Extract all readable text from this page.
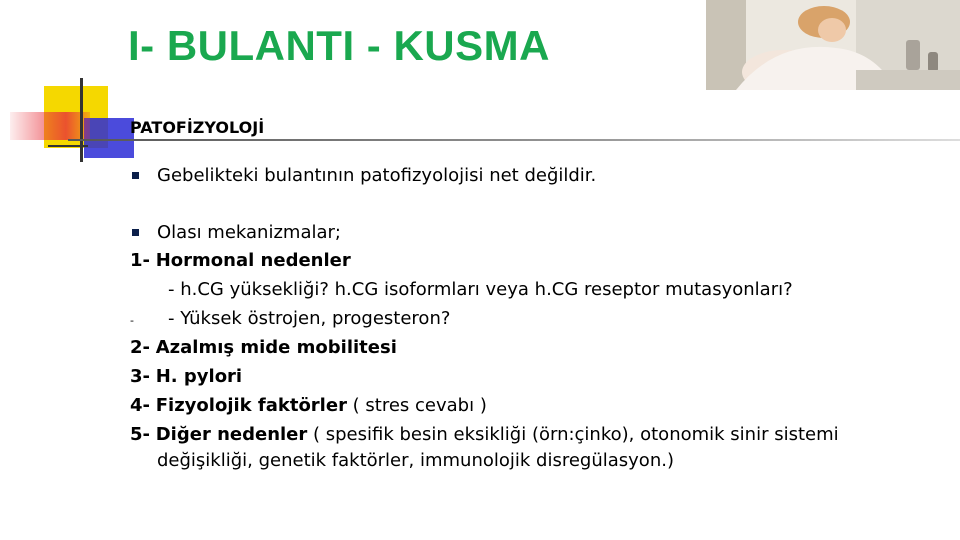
I- BULANTI - KUSMA
PATOFİZYOLOJİ
Gebelikteki bulantının patofizyolojisi net değildir.
Olası mekanizmalar;
1- Hormonal nedenler
- h.CG yüksekliği? h.CG isoformları veya h.CG reseptor mutasyonları?
- - Yüksek östrojen, progesteron?
2- Azalmış mide mobilitesi
3- H. pylori
4- Fizyolojik faktörler ( stres cevabı )
5- Diğer nedenler ( spesifik besin eksikliği (örn:çinko), otonomik sinir sistemi
değişikliği, genetik faktörler, immunolojik disregülasyon.)
